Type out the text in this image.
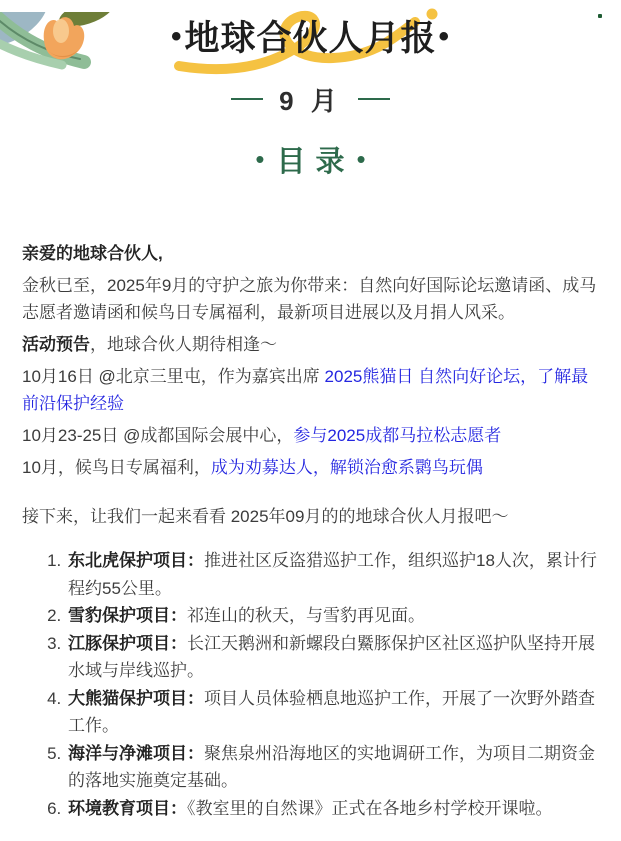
•地球合伙人月报•
9 月
• 目录 •

亲爱的地球合伙人,

金秋已至，2025年9月的守护之旅为你带来：自然向好国际论坛邀请函、成马志愿者邀请函和候鸟日专属福利，最新项目进展以及月捐人风采。

活动预告，地球合伙人期待相逢～

10月16日 @北京三里屯，作为嘉宾出席 2025熊猫日 自然向好论坛，了解最前沿保护经验

10月23-25日 @成都国际会展中心，参与2025成都马拉松志愿者

10月，候鸟日专属福利，成为劝募达人，解锁治愈系鹮鸟玩偶

接下来，让我们一起来看看 2025年09月的的地球合伙人月报吧～

1. 东北虎保护项目：推进社区反盗猎巡护工作，组织巡护18人次，累计行程约55公里。
2. 雪豹保护项目：祁连山的秋天，与雪豹再见面。
3. 江豚保护项目：长江天鹅洲和新螺段白鱀豚保护区社区巡护队坚持开展水域与岸线巡护。
4. 大熊猫保护项目：项目人员体验栖息地巡护工作，开展了一次野外踏查工作。
5. 海洋与净滩项目：聚焦泉州沿海地区的实地调研工作，为项目二期资金的落地实施奠定基础。
6. 环境教育项目：《教室里的自然课》正式在各地乡村学校开课啦。
